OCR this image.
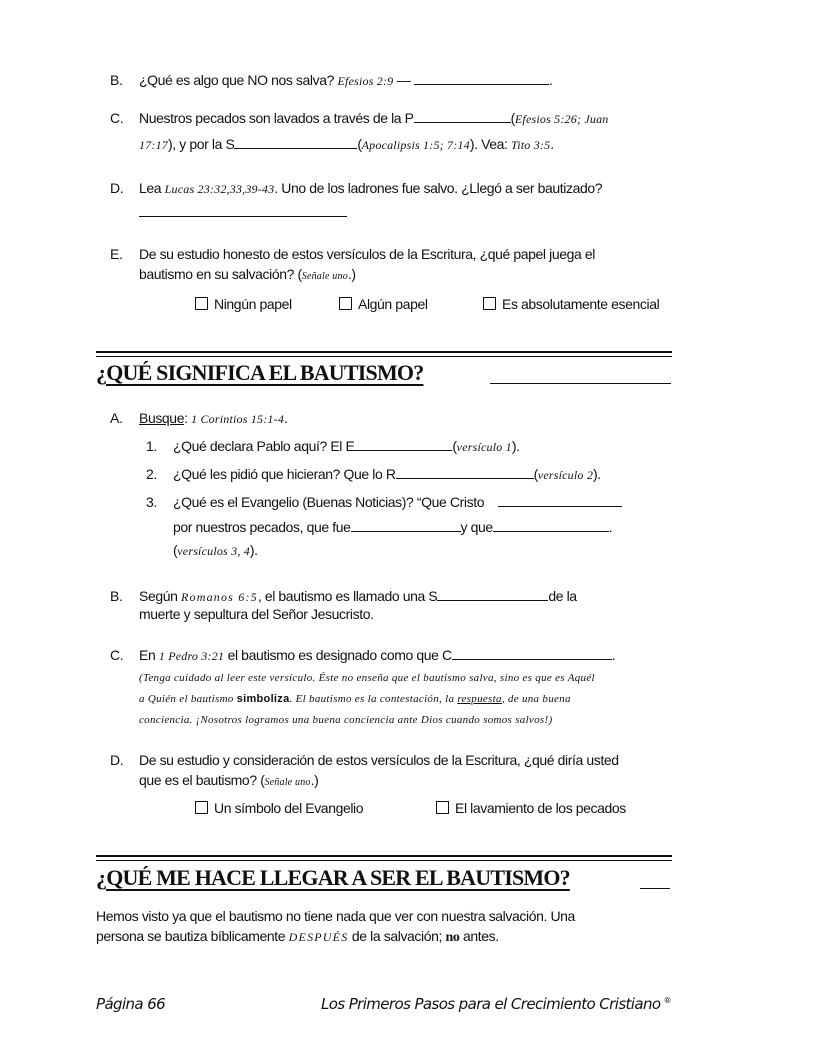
B. ¿Qué es algo que NO nos salva? Efesios 2:9 —	.
C. Nuestros pecados son lavados a través de la P	(Efesios 5:26; Juan
17:17), y por la S	(Apocalipsis 1:5; 7:14). Vea: Tito 3:5.
D. Lea Lucas 23:32,33,39-43. Uno de los ladrones fue salvo. ¿Llegó a ser bautizado?
E. De su estudio honesto de estos versículos de la Escritura, ¿qué papel juega el
bautismo en su salvación? (Señale uno.)
Ningún papel	Algún papel	Es absolutamente esencial
¿QUÉ SIGNIFICA EL BAUTISMO?
A. Busque: 1 Corintios 15:1-4.
1. ¿Qué declara Pablo aquí? El E	(versículo 1).
2. ¿Qué les pidió que hicieran? Que lo R	(versículo 2).
3. ¿Qué es el Evangelio (Buenas Noticias)? “Que Cristo
por nuestros pecados, que fue	y que	.
(versículos 3, 4).
B. Según Romanos 6:5, el bautismo es llamado una S	de la
muerte y sepultura del Señor Jesucristo.
C. En 1 Pedro 3:21 el bautismo es designado como que C	.
(Tenga cuidado al leer este versículo. Éste no enseña que el bautismo salva, sino es que es Aquél
a Quién el bautismo simboliza. El bautismo es la contestación, la respuesta, de una buena
conciencia. ¡Nosotros logramos una buena conciencia ante Dios cuando somos salvos!)
D. De su estudio y consideración de estos versículos de la Escritura, ¿qué diría usted
que es el bautismo? (Señale uno.)
Un símbolo del Evangelio	El lavamiento de los pecados
¿QUÉ ME HACE LLEGAR A SER EL BAUTISMO?
Hemos visto ya que el bautismo no tiene nada que ver con nuestra salvación. Una
persona se bautiza bíblicamente DESPUÉS de la salvación; no antes.
Página 66	Los Primeros Pasos para el Crecimiento Cristiano ®
